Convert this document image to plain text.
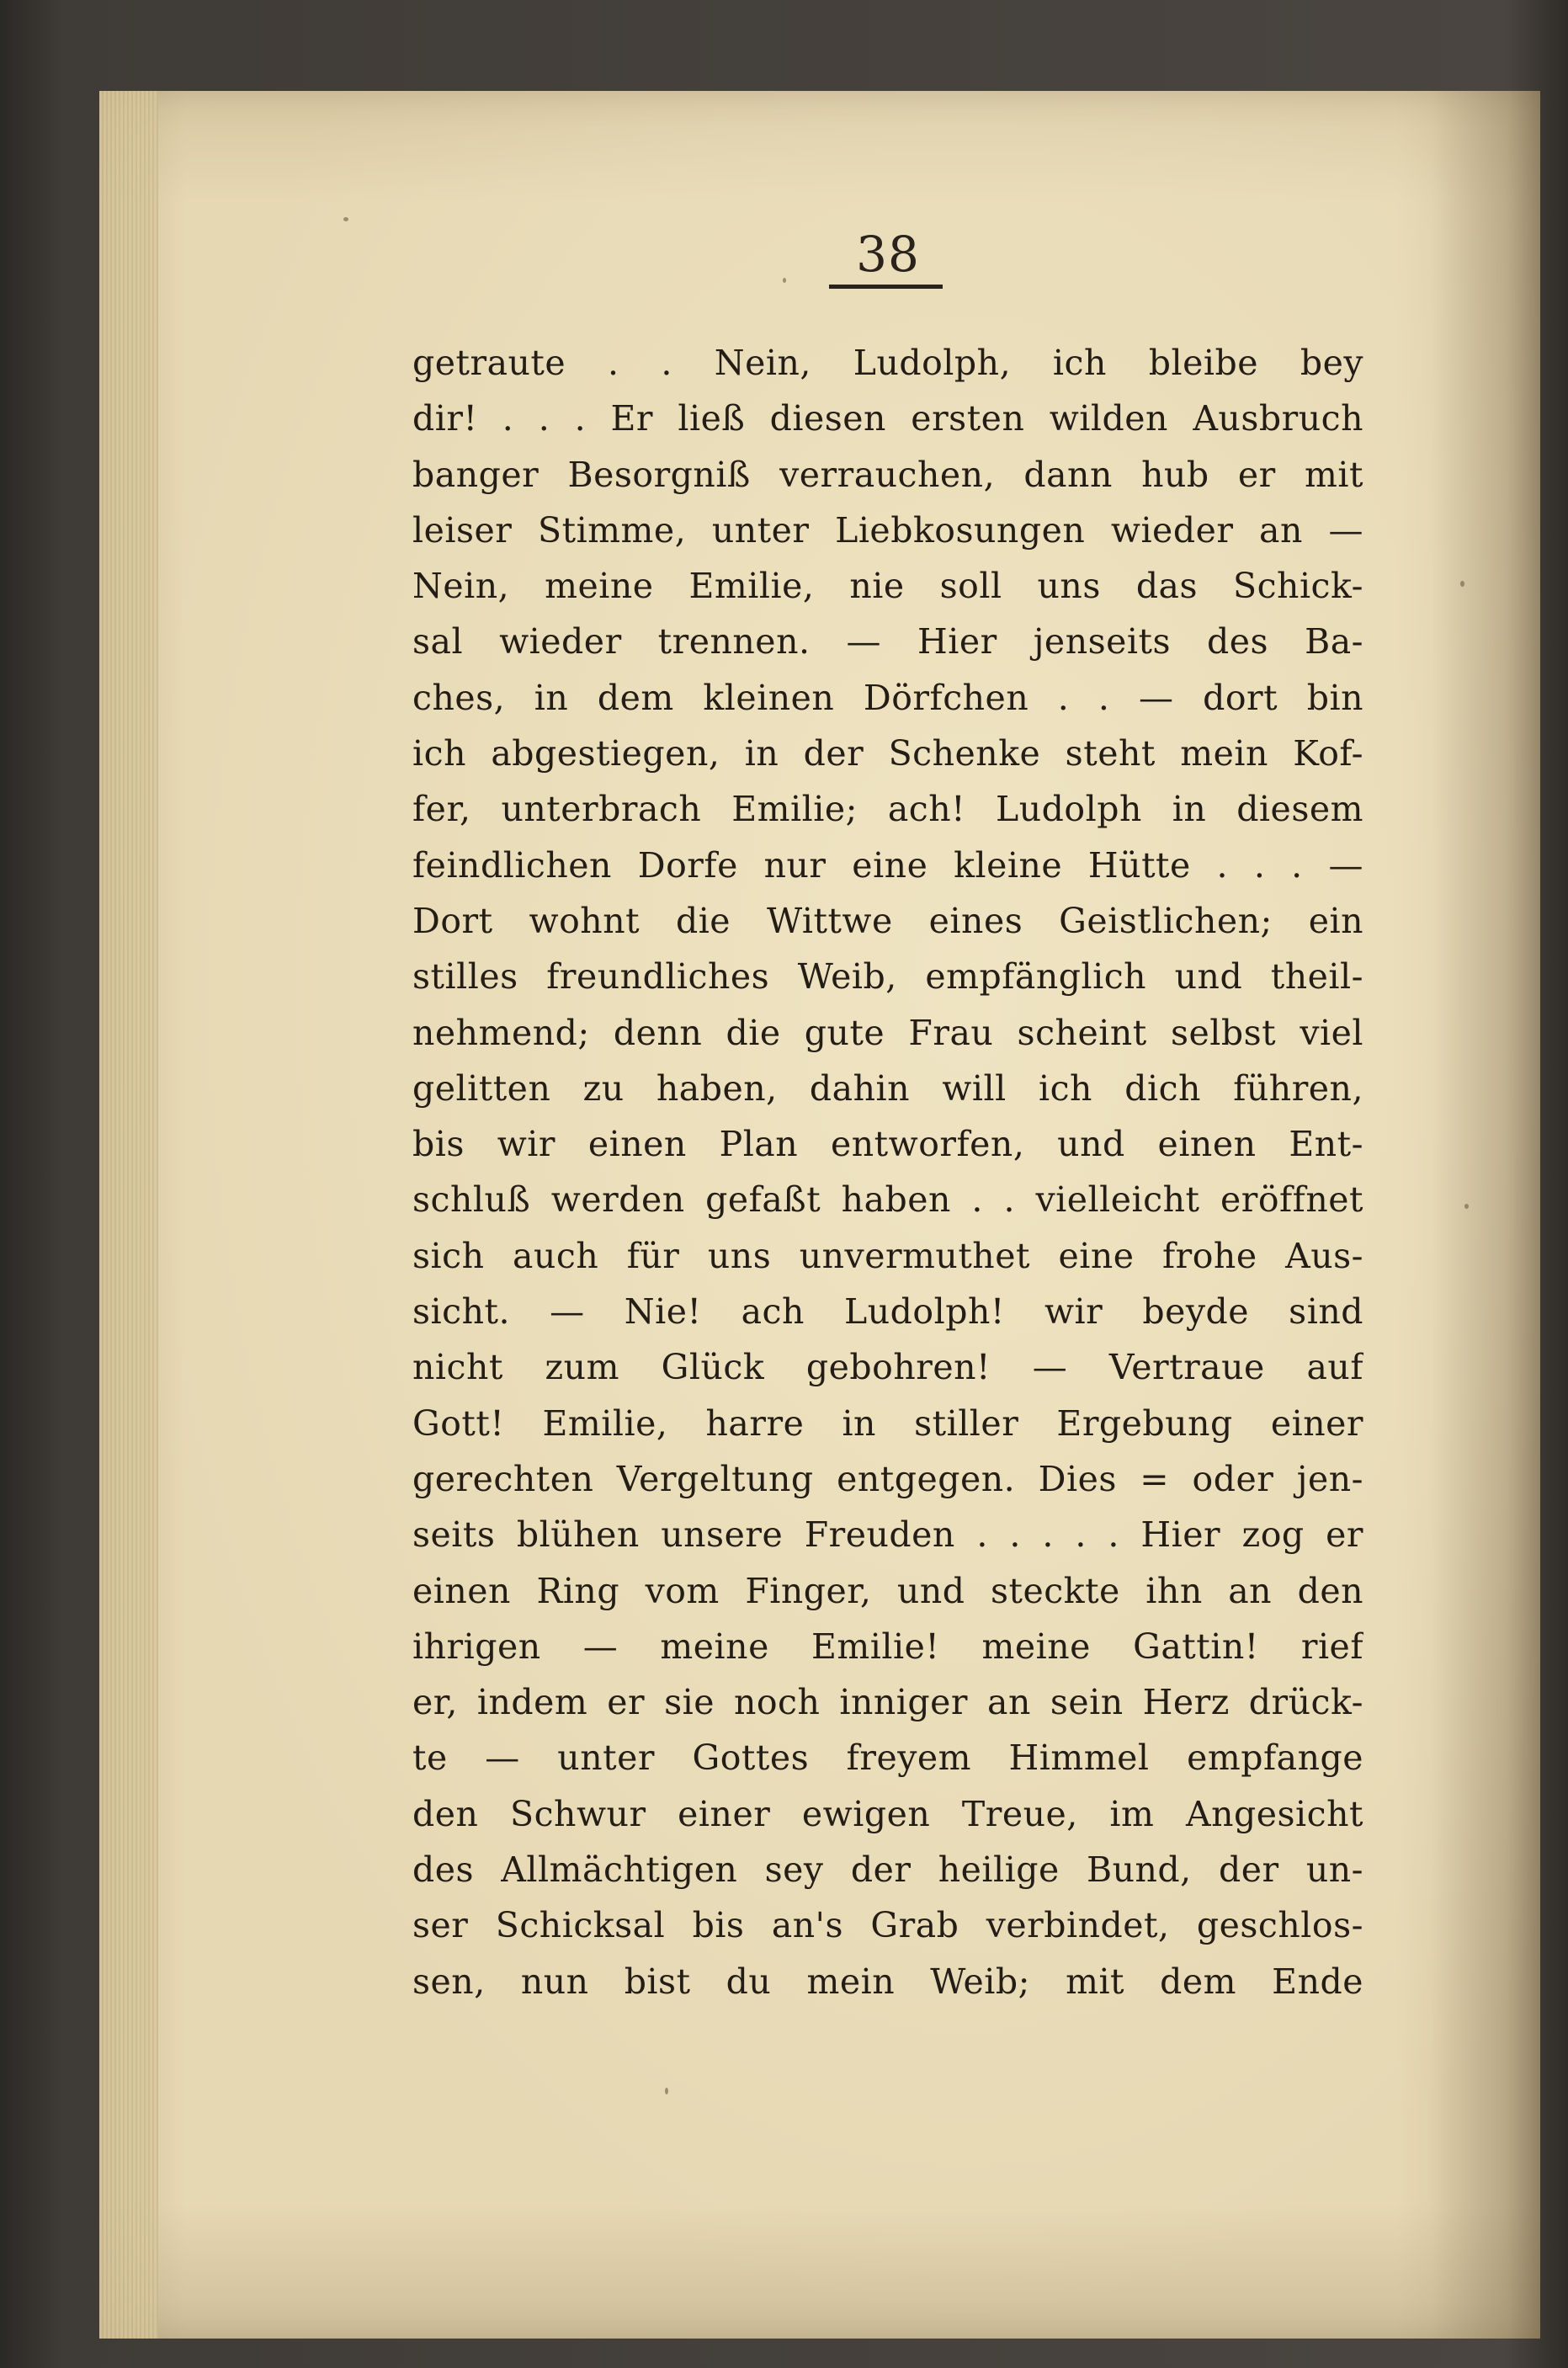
38
getraute . . Nein, Ludolph, ich bleibe bey
dir! . . . Er ließ diesen ersten wilden Ausbruch
banger Besorgniß verrauchen, dann hub er mit
leiser Stimme, unter Liebkosungen wieder an —
Nein, meine Emilie, nie soll uns das Schick-
sal wieder trennen. — Hier jenseits des Ba-
ches, in dem kleinen Dörfchen . . — dort bin
ich abgestiegen, in der Schenke steht mein Kof-
fer, unterbrach Emilie; ach! Ludolph in diesem
feindlichen Dorfe nur eine kleine Hütte . . . —
Dort wohnt die Wittwe eines Geistlichen; ein
stilles freundliches Weib, empfänglich und theil-
nehmend; denn die gute Frau scheint selbst viel
gelitten zu haben, dahin will ich dich führen,
bis wir einen Plan entworfen, und einen Ent-
schluß werden gefaßt haben . . vielleicht eröffnet
sich auch für uns unvermuthet eine frohe Aus-
sicht. — Nie! ach Ludolph! wir beyde sind
nicht zum Glück gebohren! — Vertraue auf
Gott! Emilie, harre in stiller Ergebung einer
gerechten Vergeltung entgegen. Dies = oder jen-
seits blühen unsere Freuden . . . . . Hier zog er
einen Ring vom Finger, und steckte ihn an den
ihrigen — meine Emilie! meine Gattin! rief
er, indem er sie noch inniger an sein Herz drück-
te — unter Gottes freyem Himmel empfange
den Schwur einer ewigen Treue, im Angesicht
des Allmächtigen sey der heilige Bund, der un-
ser Schicksal bis an's Grab verbindet, geschlos-
sen, nun bist du mein Weib; mit dem Ende
